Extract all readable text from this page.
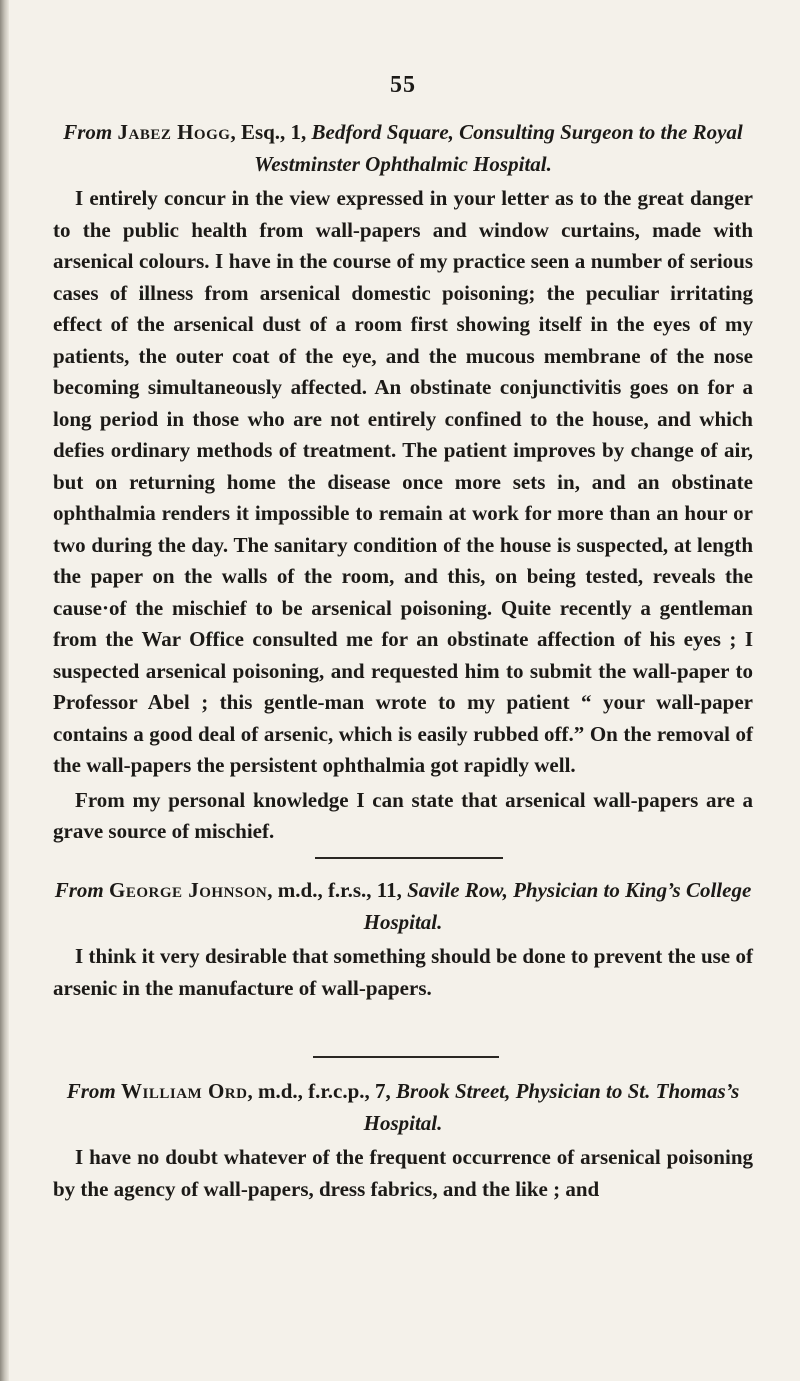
55

From Jabez Hogg, Esq., 1, Bedford Square, Consulting Surgeon to the Royal Westminster Ophthalmic Hospital.

I entirely concur in the view expressed in your letter as to the great danger to the public health from wall-papers and window curtains, made with arsenical colours. I have in the course of my practice seen a number of serious cases of illness from arsenical domestic poisoning; the peculiar irritating effect of the arsenical dust of a room first showing itself in the eyes of my patients, the outer coat of the eye, and the mucous membrane of the nose becoming simultaneously affected. An obstinate conjunctivitis goes on for a long period in those who are not entirely confined to the house, and which defies ordinary methods of treatment. The patient improves by change of air, but on returning home the disease once more sets in, and an obstinate ophthalmia renders it impossible to remain at work for more than an hour or two during the day. The sanitary condition of the house is suspected, at length the paper on the walls of the room, and this, on being tested, reveals the cause·of the mischief to be arsenical poisoning. Quite recently a gentleman from the War Office consulted me for an obstinate affection of his eyes ; I suspected arsenical poisoning, and requested him to submit the wall-paper to Professor Abel ; this gentle-man wrote to my patient “ your wall-paper contains a good deal of arsenic, which is easily rubbed off.” On the removal of the wall-papers the persistent ophthalmia got rapidly well.

From my personal knowledge I can state that arsenical wall-papers are a grave source of mischief.

From George Johnson, m.d., f.r.s., 11, Savile Row, Physician to King’s College Hospital.

I think it very desirable that something should be done to prevent the use of arsenic in the manufacture of wall-papers.

From William Ord, m.d., f.r.c.p., 7, Brook Street, Physician to St. Thomas’s Hospital.

I have no doubt whatever of the frequent occurrence of arsenical poisoning by the agency of wall-papers, dress fabrics, and the like ; and
